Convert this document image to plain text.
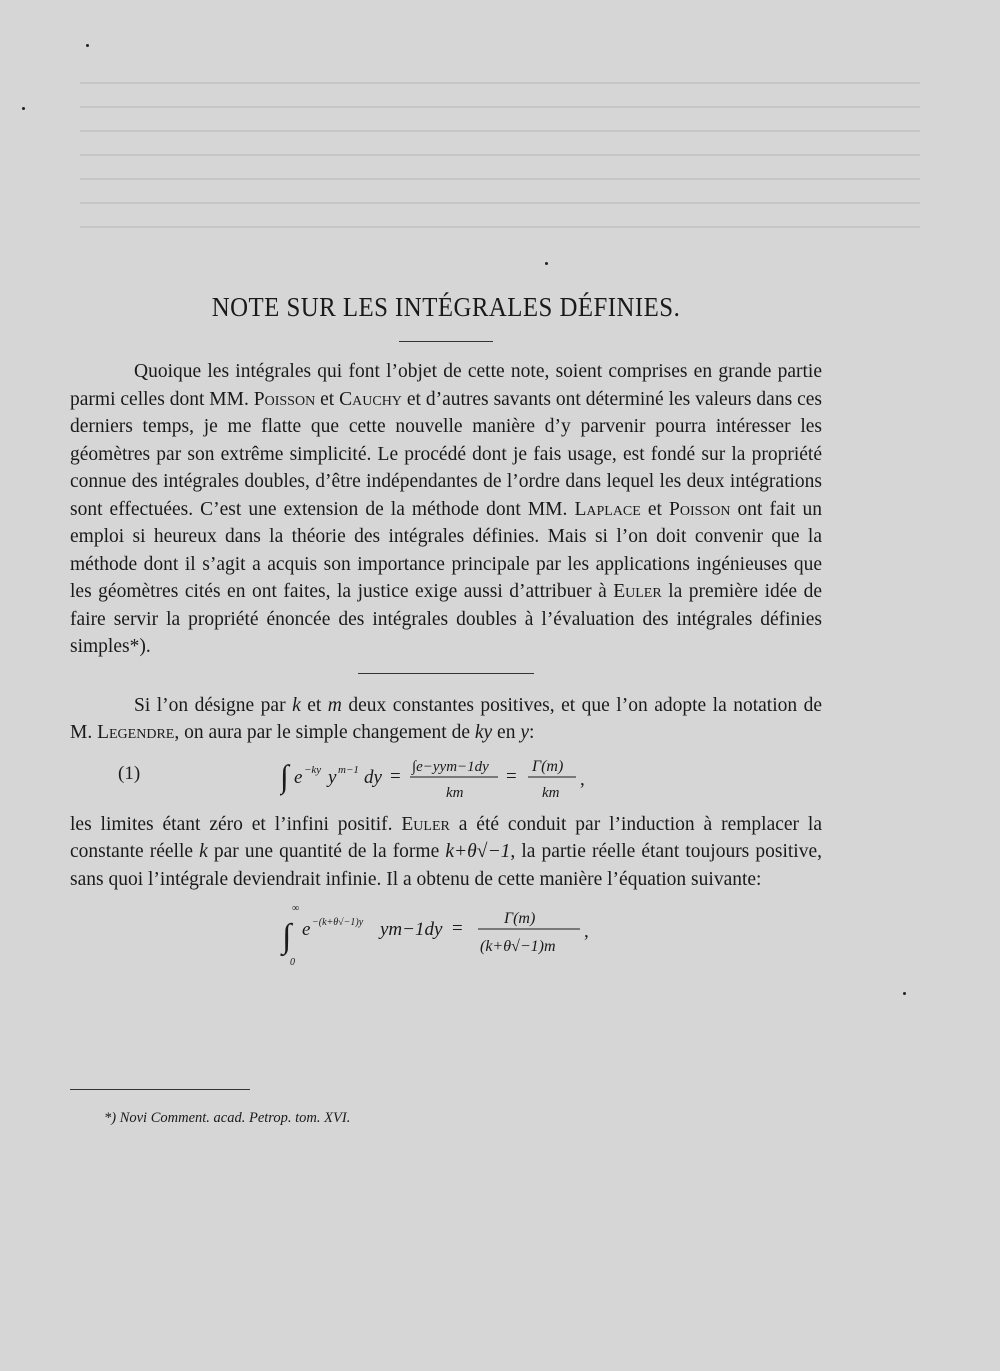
NOTE SUR LES INTÉGRALES DÉFINIES.

Quoique les intégrales qui font l’objet de cette note, soient comprises en grande partie parmi celles dont MM. Poisson et Cauchy et d’autres savants ont déterminé les valeurs dans ces derniers temps, je me flatte que cette nouvelle manière d’y parvenir pourra intéresser les géomètres par son extrême simplicité. Le procédé dont je fais usage, est fondé sur la propriété connue des intégrales doubles, d’être indépendantes de l’ordre dans lequel les deux intégrations sont effectuées. C’est une extension de la méthode dont MM. Laplace et Poisson ont fait un emploi si heureux dans la théorie des intégrales définies. Mais si l’on doit convenir que la méthode dont il s’agit a acquis son importance principale par les applications ingénieuses que les géomètres cités en ont faites, la justice exige aussi d’attribuer à Euler la première idée de faire servir la propriété énoncée des intégrales doubles à l’évaluation des intégrales définies simples*).

Si l’on désigne par k et m deux constantes positives, et que l’on adopte la notation de M. Legendre, on aura par le simple changement de ky en y:

(1)	∫ e −ky y m−1 dy = ∫e−yym−1dy
km
= Γ(m)
km
,

les limites étant zéro et l’infini positif. Euler a été conduit par l’induction à remplacer la constante réelle k par une quantité de la forme k+θ√−1, la partie réelle étant toujours positive, sans quoi l’intégrale deviendrait infinie. Il a obtenu de cette manière l’équation suivante:

∫
∞
0
e −(k+θ√−1)y ym−1dy =	Γ(m)
(k+θ√−1)m
,

*) Novi Comment. acad. Petrop. tom. XVI.
